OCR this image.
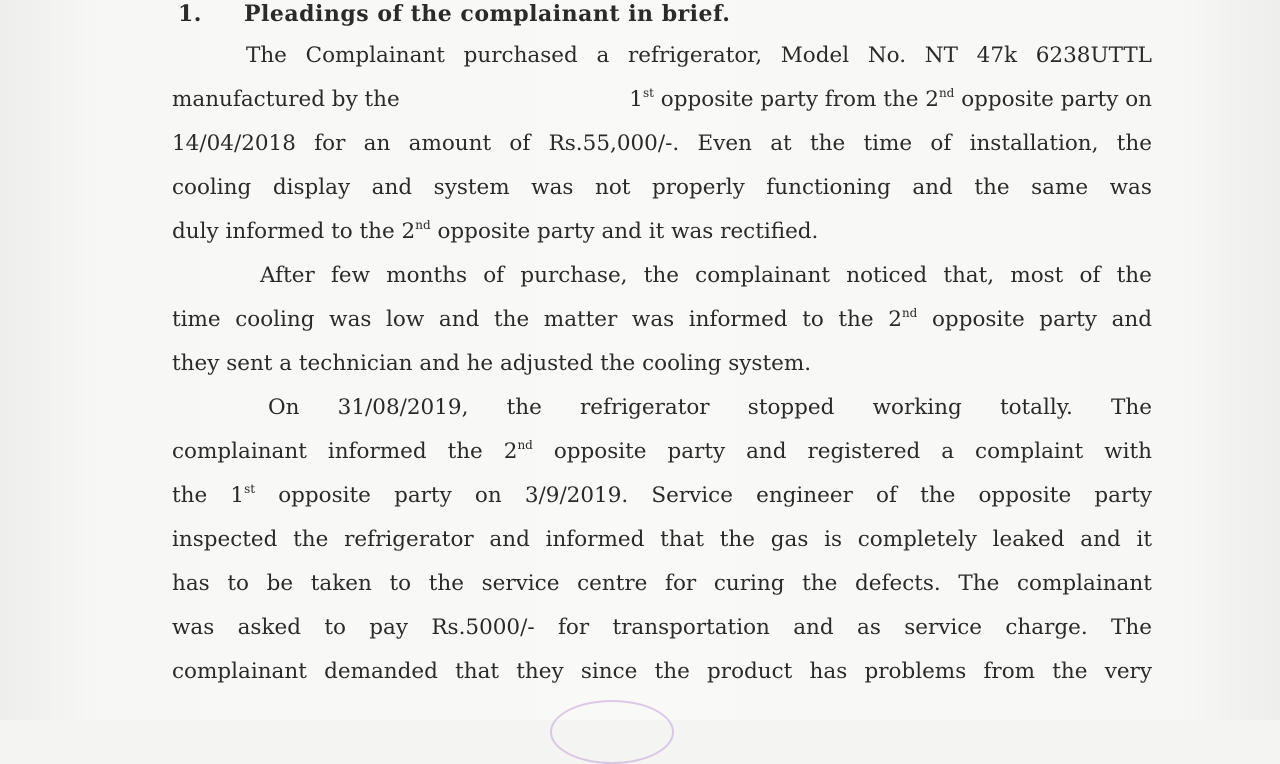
1. Pleadings of the complainant in brief.
The Complainant purchased a refrigerator, Model No. NT 47k 6238UTTL
manufactured by the	1st opposite party from the 2nd opposite party on
14/04/2018 for an amount of Rs.55,000/-. Even at the time of installation, the
cooling display and system was not properly functioning and the same was
duly informed to the 2nd opposite party and it was rectified.
After few months of purchase, the complainant noticed that, most of the
time cooling was low and the matter was informed to the 2nd opposite party and
they sent a technician and he adjusted the cooling system.
On 31/08/2019, the refrigerator stopped working totally. The
complainant informed the 2nd opposite party and registered a complaint with
the 1st opposite party on 3/9/2019. Service engineer of the opposite party
inspected the refrigerator and informed that the gas is completely leaked and it
has to be taken to the service centre for curing the defects. The complainant
was asked to pay Rs.5000/- for transportation and as service charge. The
complainant demanded that they since the product has problems from the very
